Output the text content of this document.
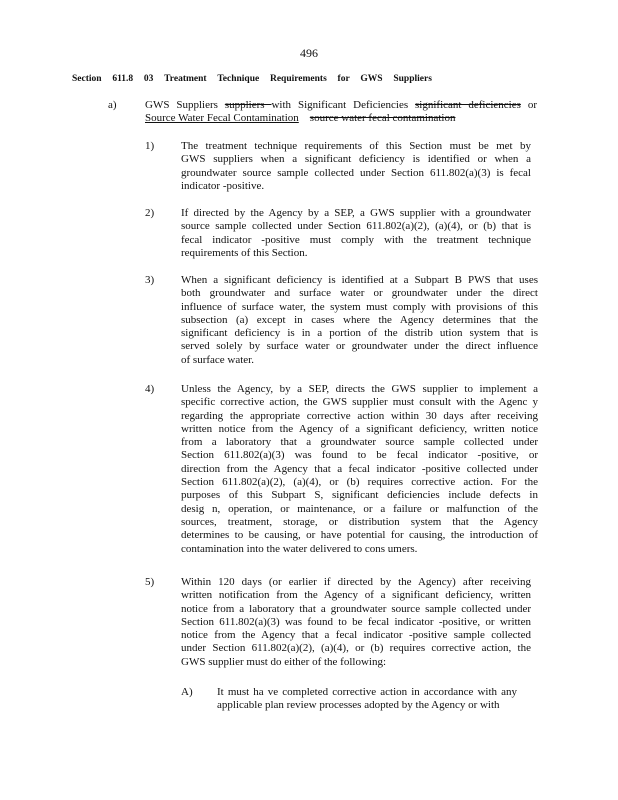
496
Section 611.8 03 Treatment Technique Requirements for GWS Suppliers
a)	GWS Suppliers suppliers with Significant Deficiencies significant deficiencies or
Source Water Fecal Contamination source water fecal contamination
1) The treatment technique requirements of this Section must be met by
GWS suppliers when a significant deficiency is identified or when a
groundwater source sample collected under Section 611.802(a)(3) is fecal
indicator -positive.
2) If directed by the Agency by a SEP, a GWS supplier with a groundwater
source sample collected under Section 611.802(a)(2), (a)(4), or (b) that is
fecal indicator -positive must comply with the treatment technique
requirements of this Section.
3) When a significant deficiency is identified at a Subpart B PWS that uses
both groundwater and surface water or groundwater under the direct
influence of surface water, the system must comply with provisions of this
subsection (a) except in cases where the Agency determines that the
significant deficiency is in a portion of the distrib ution system that is
served solely by surface water or groundwater under the direct influence
of surface water.
4) Unless the Agency, by a SEP, directs the GWS supplier to implement a
specific corrective action, the GWS supplier must consult with the Agenc y
regarding the appropriate corrective action within 30 days after receiving
written notice from the Agency of a significant deficiency, written notice
from a laboratory that a groundwater source sample collected under
Section 611.802(a)(3) was found to be fecal indicator -positive, or
direction from the Agency that a fecal indicator -positive collected under
Section 611.802(a)(2), (a)(4), or (b) requires corrective action. For the
purposes of this Subpart S, significant deficiencies include defects in
desig n, operation, or maintenance, or a failure or malfunction of the
sources, treatment, storage, or distribution system that the Agency
determines to be causing, or have potential for causing, the introduction of
contamination into the water delivered to cons umers.
5) Within 120 days (or earlier if directed by the Agency) after receiving
written notification from the Agency of a significant deficiency, written
notice from a laboratory that a groundwater source sample collected under
Section 611.802(a)(3) was found to be fecal indicator -positive, or written
notice from the Agency that a fecal indicator -positive sample collected
under Section 611.802(a)(2), (a)(4), or (b) requires corrective action, the
GWS supplier must do either of the following:
A) It must ha ve completed corrective action in accordance with any
applicable plan review processes adopted by the Agency or with
